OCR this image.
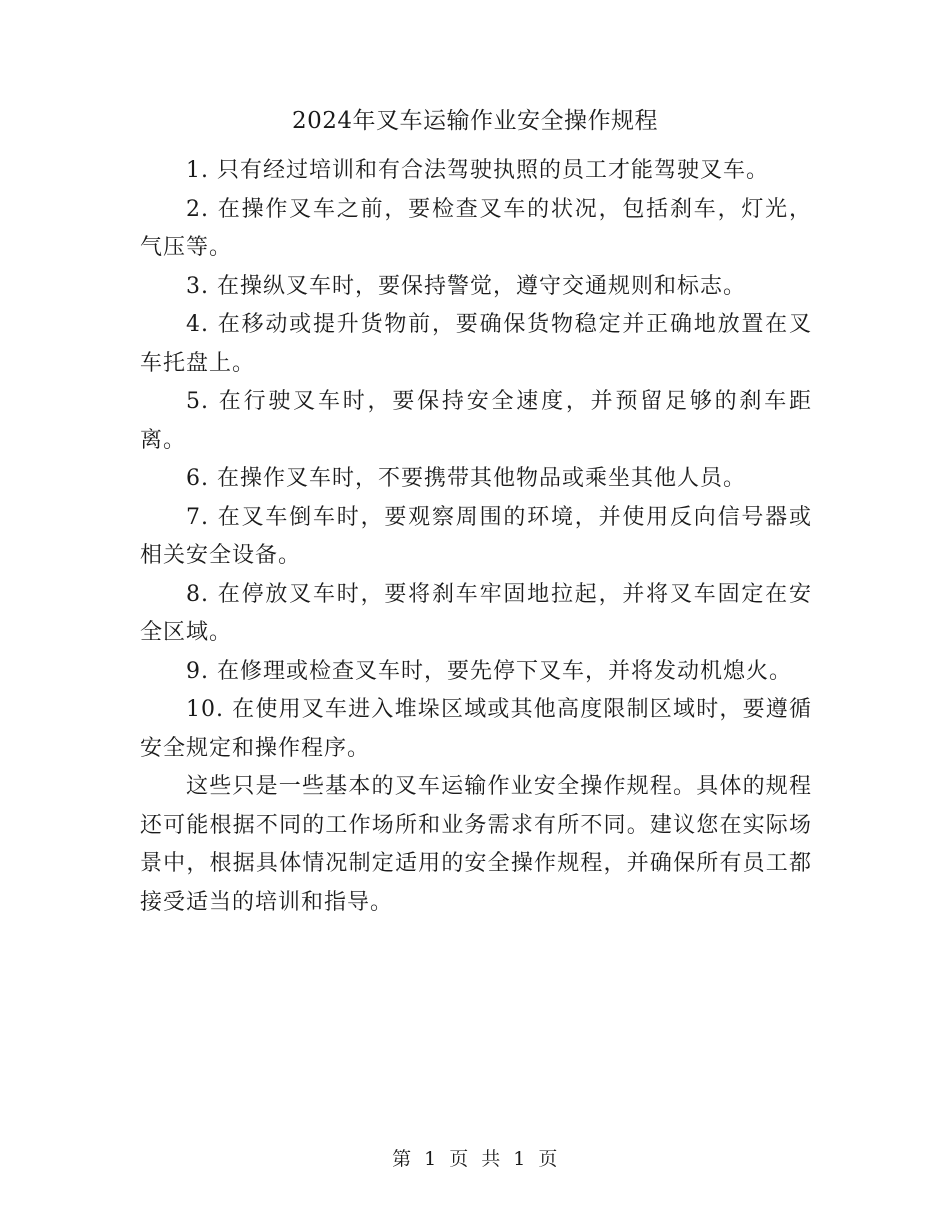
2024年叉车运输作业安全操作规程

1. 只有经过培训和有合法驾驶执照的员工才能驾驶叉车。

2. 在操作叉车之前，要检查叉车的状况，包括刹车，灯光，气压等。

3. 在操纵叉车时，要保持警觉，遵守交通规则和标志。

4. 在移动或提升货物前，要确保货物稳定并正确地放置在叉车托盘上。

5. 在行驶叉车时，要保持安全速度，并预留足够的刹车距离。

6. 在操作叉车时，不要携带其他物品或乘坐其他人员。

7. 在叉车倒车时，要观察周围的环境，并使用反向信号器或相关安全设备。

8. 在停放叉车时，要将刹车牢固地拉起，并将叉车固定在安全区域。

9. 在修理或检查叉车时，要先停下叉车，并将发动机熄火。

10. 在使用叉车进入堆垛区域或其他高度限制区域时，要遵循安全规定和操作程序。

这些只是一些基本的叉车运输作业安全操作规程。具体的规程还可能根据不同的工作场所和业务需求有所不同。建议您在实际场景中，根据具体情况制定适用的安全操作规程，并确保所有员工都接受适当的培训和指导。

第 1 页 共 1 页
